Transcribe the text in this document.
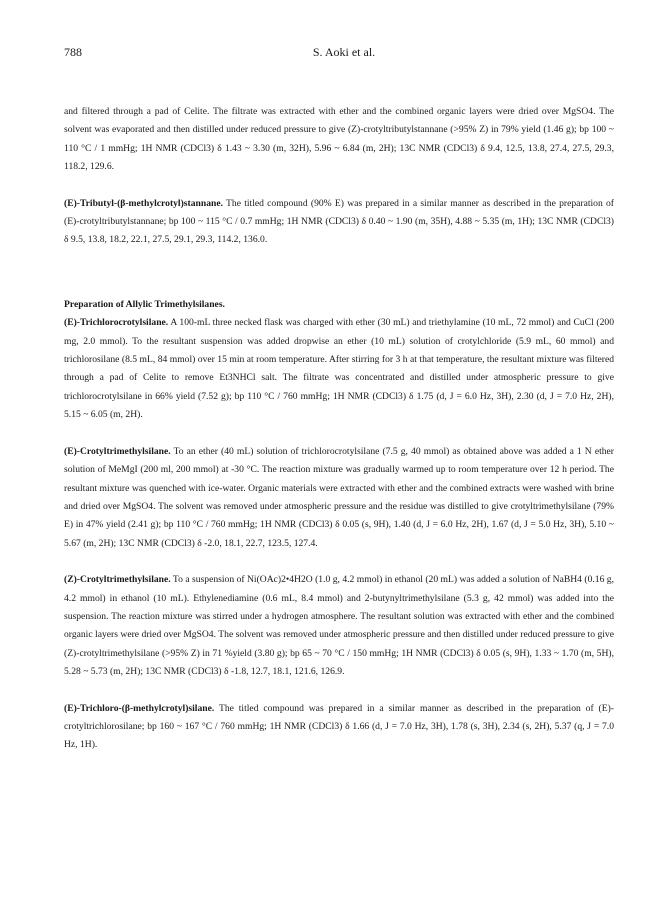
788	S. Aoki et al.

and filtered through a pad of Celite. The filtrate was extracted with ether and the combined organic layers were dried over MgSO4. The solvent was evaporated and then distilled under reduced pressure to give (Z)-crotyltributylstannane (>95% Z) in 79% yield (1.46 g); bp 100 ~ 110 °C / 1 mmHg; 1H NMR (CDCl3) δ 1.43 ~ 3.30 (m, 32H), 5.96 ~ 6.84 (m, 2H); 13C NMR (CDCl3) δ 9.4, 12.5, 13.8, 27.4, 27.5, 29.3, 118.2, 129.6.

(E)-Tributyl-(β-methylcrotyl)stannane. The titled compound (90% E) was prepared in a similar manner as described in the preparation of (E)-crotyltributylstannane; bp 100 ~ 115 °C / 0.7 mmHg; 1H NMR (CDCl3) δ 0.40 ~ 1.90 (m, 35H), 4.88 ~ 5.35 (m, 1H); 13C NMR (CDCl3) δ 9.5, 13.8, 18.2, 22.1, 27.5, 29.1, 29.3, 114.2, 136.0.

Preparation of Allylic Trimethylsilanes.

(E)-Trichlorocrotylsilane. A 100-mL three necked flask was charged with ether (30 mL) and triethylamine (10 mL, 72 mmol) and CuCl (200 mg, 2.0 mmol). To the resultant suspension was added dropwise an ether (10 mL) solution of crotylchloride (5.9 mL, 60 mmol) and trichlorosilane (8.5 mL, 84 mmol) over 15 min at room temperature. After stirring for 3 h at that temperature, the resultant mixture was filtered through a pad of Celite to remove Et3NHCl salt. The filtrate was concentrated and distilled under atmospheric pressure to give trichlorocrotylsilane in 66% yield (7.52 g); bp 110 °C / 760 mmHg; 1H NMR (CDCl3) δ 1.75 (d, J = 6.0 Hz, 3H), 2.30 (d, J = 7.0 Hz, 2H), 5.15 ~ 6.05 (m, 2H).

(E)-Crotyltrimethylsilane. To an ether (40 mL) solution of trichlorocrotylsilane (7.5 g, 40 mmol) as obtained above was added a 1 N ether solution of MeMgI (200 ml, 200 mmol) at -30 °C. The reaction mixture was gradually warmed up to room temperature over 12 h period. The resultant mixture was quenched with ice-water. Organic materials were extracted with ether and the combined extracts were washed with brine and dried over MgSO4. The solvent was removed under atmospheric pressure and the residue was distilled to give crotyltrimethylsilane (79% E) in 47% yield (2.41 g); bp 110 °C / 760 mmHg; 1H NMR (CDCl3) δ 0.05 (s, 9H), 1.40 (d, J = 6.0 Hz, 2H), 1.67 (d, J = 5.0 Hz, 3H), 5.10 ~ 5.67 (m, 2H); 13C NMR (CDCl3) δ -2.0, 18.1, 22.7, 123.5, 127.4.

(Z)-Crotyltrimethylsilane. To a suspension of Ni(OAc)2•4H2O (1.0 g, 4.2 mmol) in ethanol (20 mL) was added a solution of NaBH4 (0.16 g, 4.2 mmol) in ethanol (10 mL). Ethylenediamine (0.6 mL, 8.4 mmol) and 2-butynyltrimethylsilane (5.3 g, 42 mmol) was added into the suspension. The reaction mixture was stirred under a hydrogen atmosphere. The resultant solution was extracted with ether and the combined organic layers were dried over MgSO4. The solvent was removed under atmospheric pressure and then distilled under reduced pressure to give (Z)-crotyltrimethylsilane (>95% Z) in 71 %yield (3.80 g); bp 65 ~ 70 °C / 150 mmHg; 1H NMR (CDCl3) δ 0.05 (s, 9H), 1.33 ~ 1.70 (m, 5H), 5.28 ~ 5.73 (m, 2H); 13C NMR (CDCl3) δ -1.8, 12.7, 18.1, 121.6, 126.9.

(E)-Trichloro-(β-methylcrotyl)silane. The titled compound was prepared in a similar manner as described in the preparation of (E)-crotyltrichlorosilane; bp 160 ~ 167 °C / 760 mmHg; 1H NMR (CDCl3) δ 1.66 (d, J = 7.0 Hz, 3H), 1.78 (s, 3H), 2.34 (s, 2H), 5.37 (q, J = 7.0 Hz, 1H).
